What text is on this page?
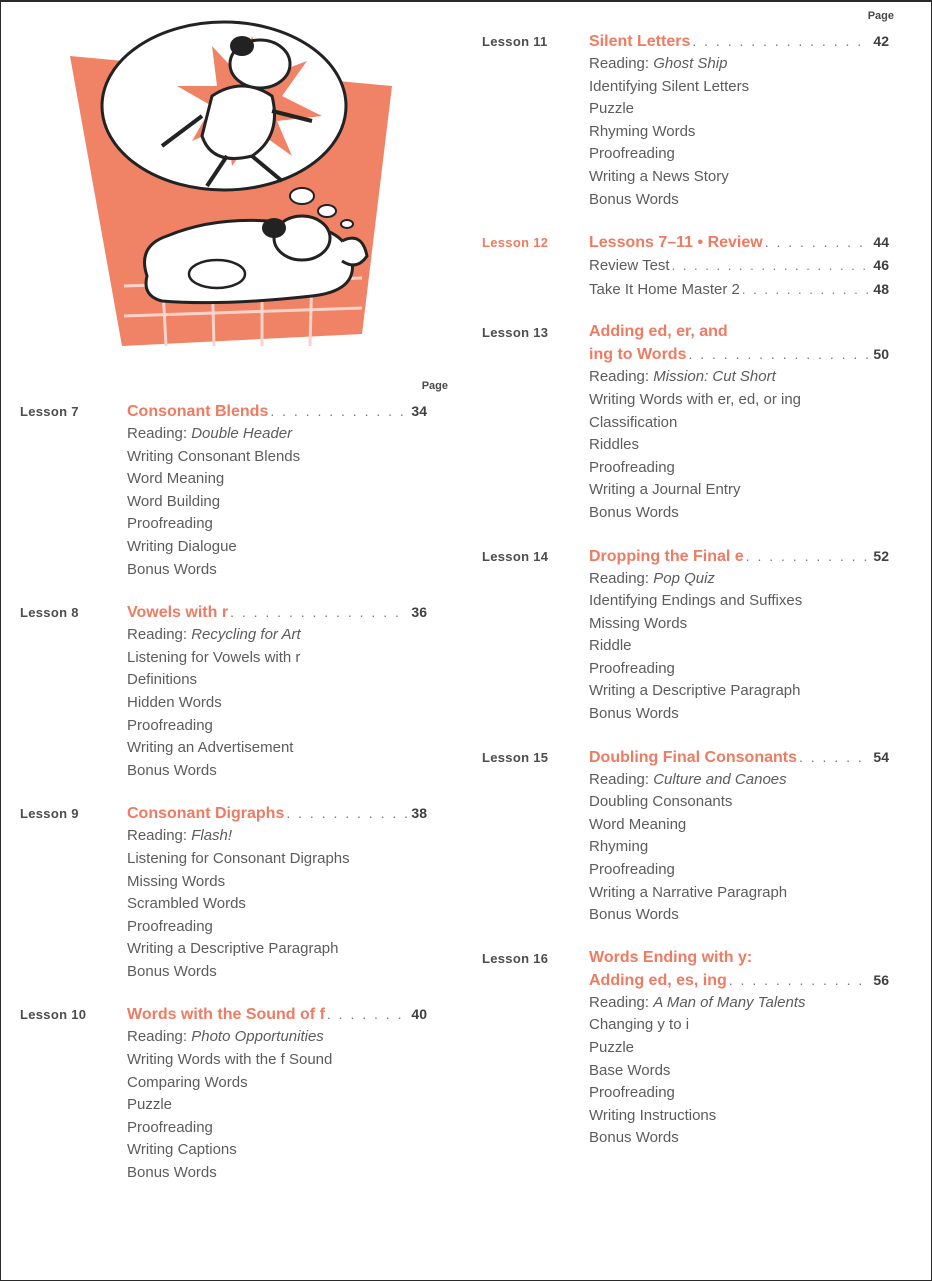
Page
Lesson 7	Consonant Blends . . .	34
Reading: Double Header
Writing Consonant Blends
Word Meaning
Word Building
Proofreading
Writing Dialogue
Bonus Words
Lesson 8	Vowels with r . . .	36
Reading: Recycling for Art
Listening for Vowels with r
Definitions
Hidden Words
Proofreading
Writing an Advertisement
Bonus Words
Lesson 9	Consonant Digraphs . . .	38
Reading: Flash!
Listening for Consonant Digraphs
Missing Words
Scrambled Words
Proofreading
Writing a Descriptive Paragraph
Bonus Words
Lesson 10	Words with the Sound of f . . .	40
Reading: Photo Opportunities
Writing Words with the f Sound
Comparing Words
Puzzle
Proofreading
Writing Captions
Bonus Words
Page
Lesson 11	Silent Letters . . .	42
Reading: Ghost Ship
Identifying Silent Letters
Puzzle
Rhyming Words
Proofreading
Writing a News Story
Bonus Words
Lesson 12	Lessons 7–11 • Review . . .	44
Review Test . . .	46
Take It Home Master 2 . . .	48
Lesson 13	Adding ed, er, and
ing to Words . . .	50
Reading: Mission: Cut Short
Writing Words with er, ed, or ing
Classification
Riddles
Proofreading
Writing a Journal Entry
Bonus Words
Lesson 14	Dropping the Final e . . .	52
Reading: Pop Quiz
Identifying Endings and Suffixes
Missing Words
Riddle
Proofreading
Writing a Descriptive Paragraph
Bonus Words
Lesson 15	Doubling Final Consonants . . .	54
Reading: Culture and Canoes
Doubling Consonants
Word Meaning
Rhyming
Proofreading
Writing a Narrative Paragraph
Bonus Words
Lesson 16	Words Ending with y:
Adding ed, es, ing . . .	56
Reading: A Man of Many Talents
Changing y to i
Puzzle
Base Words
Proofreading
Writing Instructions
Bonus Words
